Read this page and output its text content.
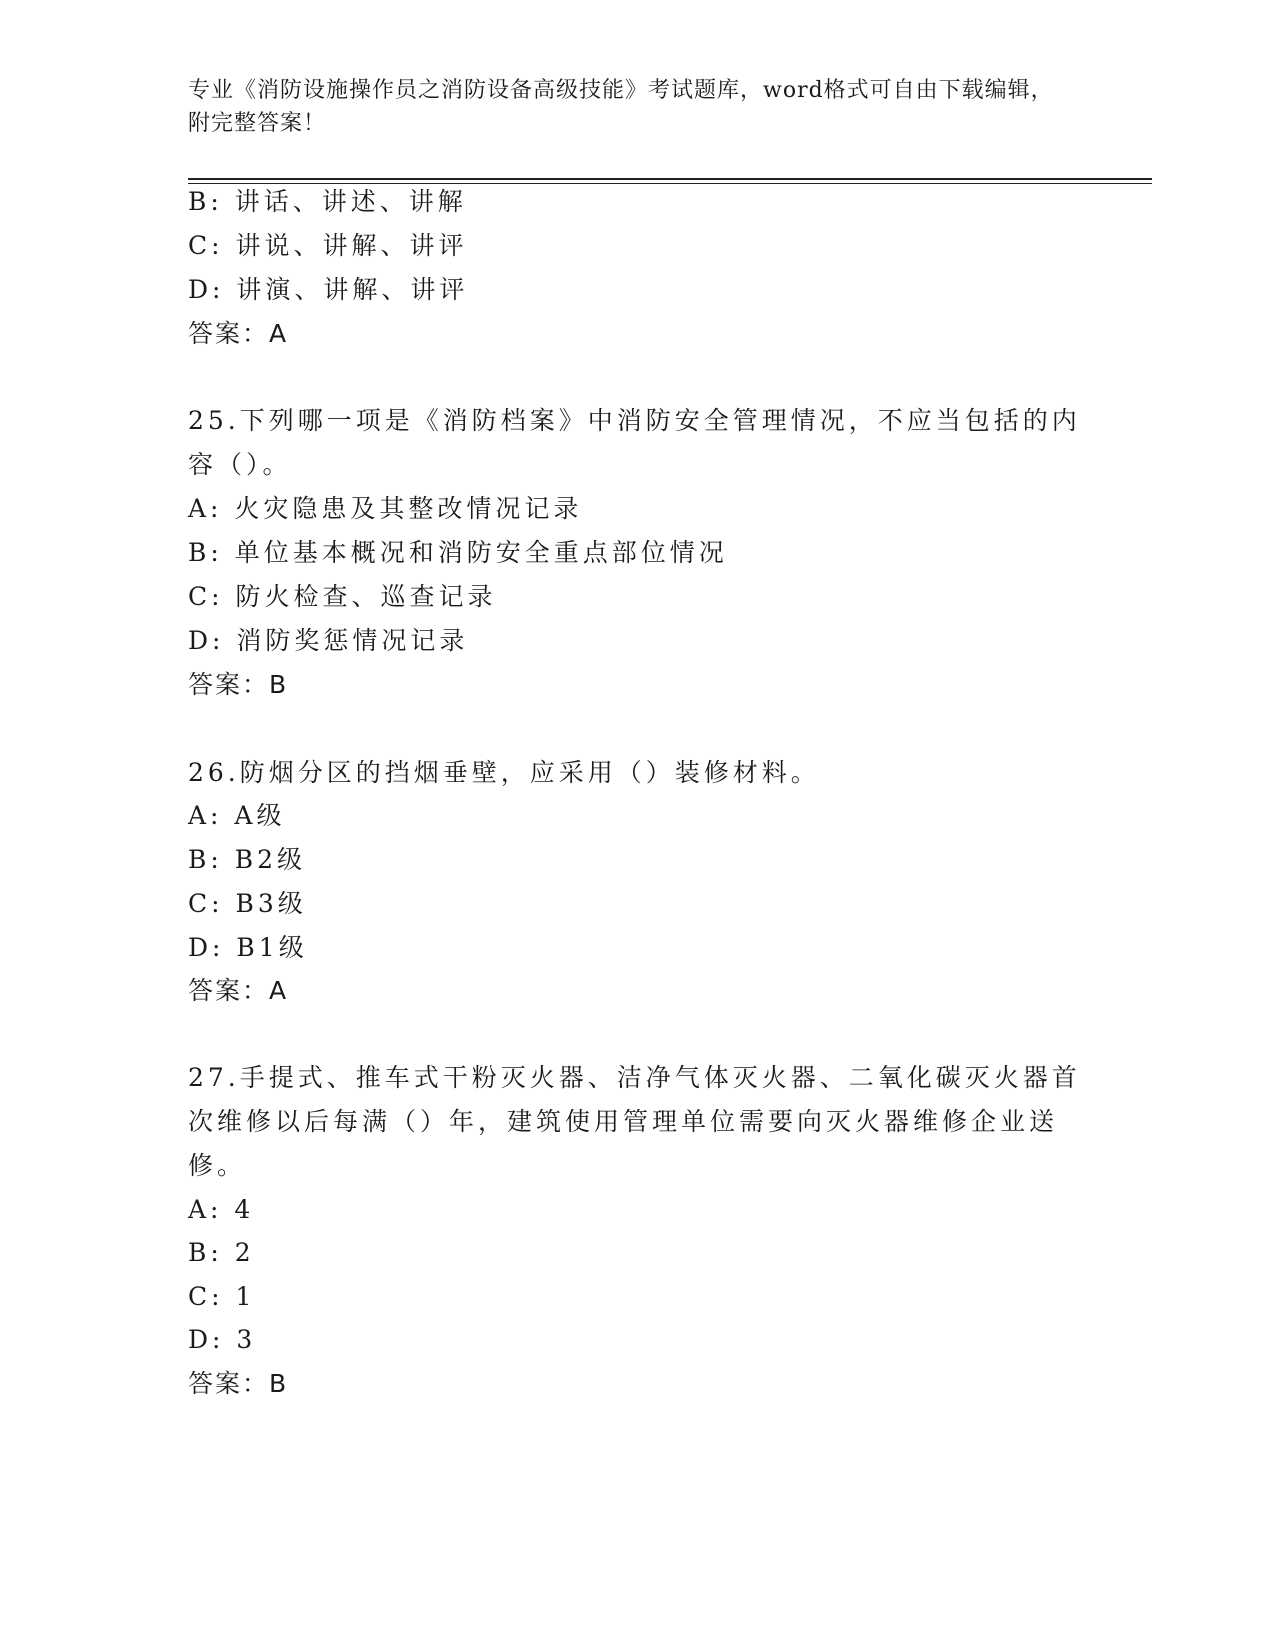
专业《消防设施操作员之消防设备高级技能》考试题库，word格式可自由下载编辑，附完整答案！
B: 讲话、讲述、讲解
C: 讲说、讲解、讲评
D: 讲演、讲解、讲评
答案：A
25.下列哪一项是《消防档案》中消防安全管理情况，不应当包括的内
容（）。
A: 火灾隐患及其整改情况记录
B: 单位基本概况和消防安全重点部位情况
C: 防火检查、巡查记录
D: 消防奖惩情况记录
答案：B
26.防烟分区的挡烟垂壁，应采用（）装修材料。
A: A级
B: B2级
C: B3级
D: B1级
答案：A
27.手提式、推车式干粉灭火器、洁净气体灭火器、二氧化碳灭火器首
次维修以后每满（）年，建筑使用管理单位需要向灭火器维修企业送
修。
A: 4
B: 2
C: 1
D: 3
答案：B
